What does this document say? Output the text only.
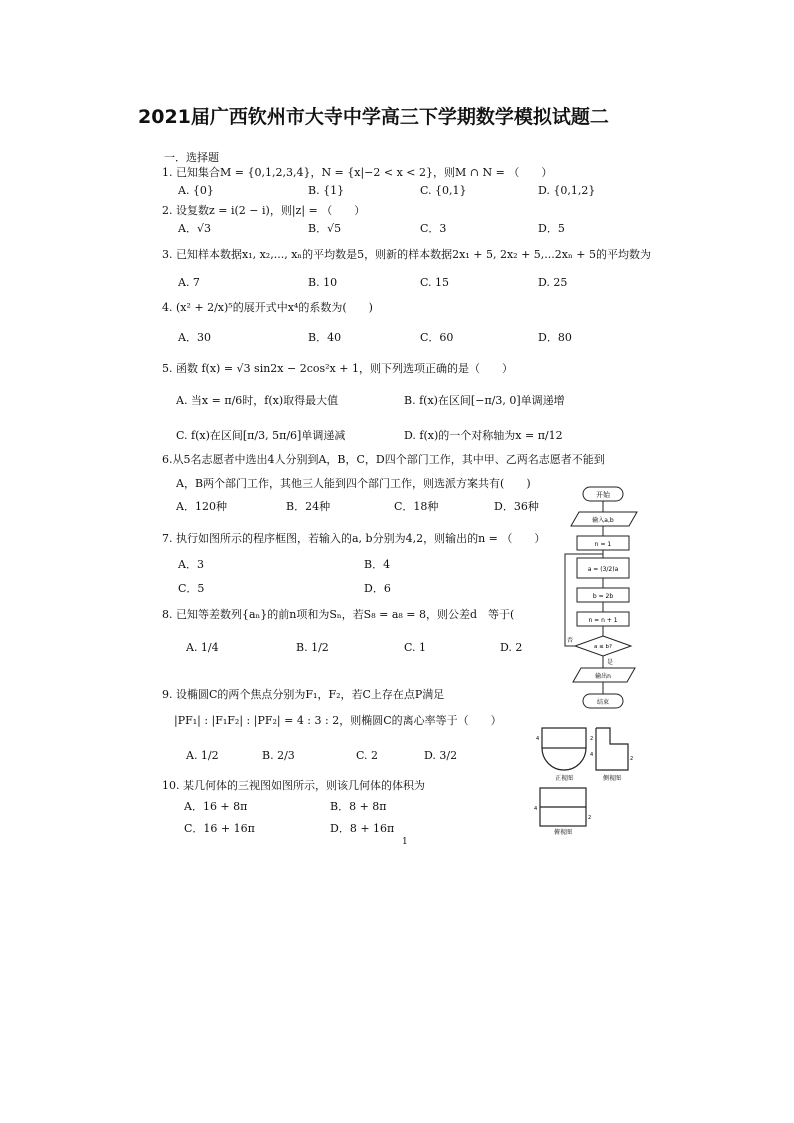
2021届广西钦州市大寺中学高三下学期数学模拟试题二
一．选择题
1. 已知集合M = {0,1,2,3,4}，N = {x|−2 < x < 2}，则M ∩ N = （　　）
A. {0}	B. {1}	C. {0,1}	D. {0,1,2}
2. 设复数z = i(2 − i)，则|z| = （　　）
A．√3	B．√5	C．3	D．5
3. 已知样本数据x₁, x₂,..., xₙ的平均数是5，则新的样本数据2x₁ + 5, 2x₂ + 5,...2xₙ + 5的平均数为
A. 7	B. 10	C. 15	D. 25
4. (x² + 2/x)⁵的展开式中x⁴的系数为(　　)
A．30	B．40	C．60	D．80
5. 函数 f(x) = √3 sin2x − 2cos²x + 1，则下列选项正确的是（　　）
A. 当x = π/6时，f(x)取得最大值	B. f(x)在区间[−π/3, 0]单调递增
C. f(x)在区间[π/3, 5π/6]单调递减	D. f(x)的一个对称轴为x = π/12
6.从5名志愿者中选出4人分别到A，B，C，D四个部门工作，其中甲、乙两名志愿者不能到
A，B两个部门工作，其他三人能到四个部门工作，则选派方案共有(　　)
A．120种	B．24种	C．18种	D．36种
7. 执行如图所示的程序框图，若输入的a, b分别为4,2，则输出的n = （　　）
A．3	B．4
C．5	D．6
8. 已知等差数列{aₙ}的前n项和为Sₙ，若S₈ = a₈ = 8，则公差d　等于(
A. 1/4	B. 1/2	C. 1	D. 2
9. 设椭圆C的两个焦点分别为F₁，F₂，若C上存在点P满足
|PF₁| : |F₁F₂| : |PF₂| = 4 : 3 : 2，则椭圆C的离心率等于（　　）
A. 1/2	B. 2/3	C. 2	D. 3/2
10. 某几何体的三视图如图所示，则该几何体的体积为
A．16 + 8π	B．8 + 8π
C．16 + 16π	D．8 + 16π
1
开始
输入a,b
n = 1
a = (3/2)a
b = 2b
n = n + 1
a ≤ b?
否
是
输出n
结束
正视图	侧视图
俯视图
4	2
4
2
4
2
